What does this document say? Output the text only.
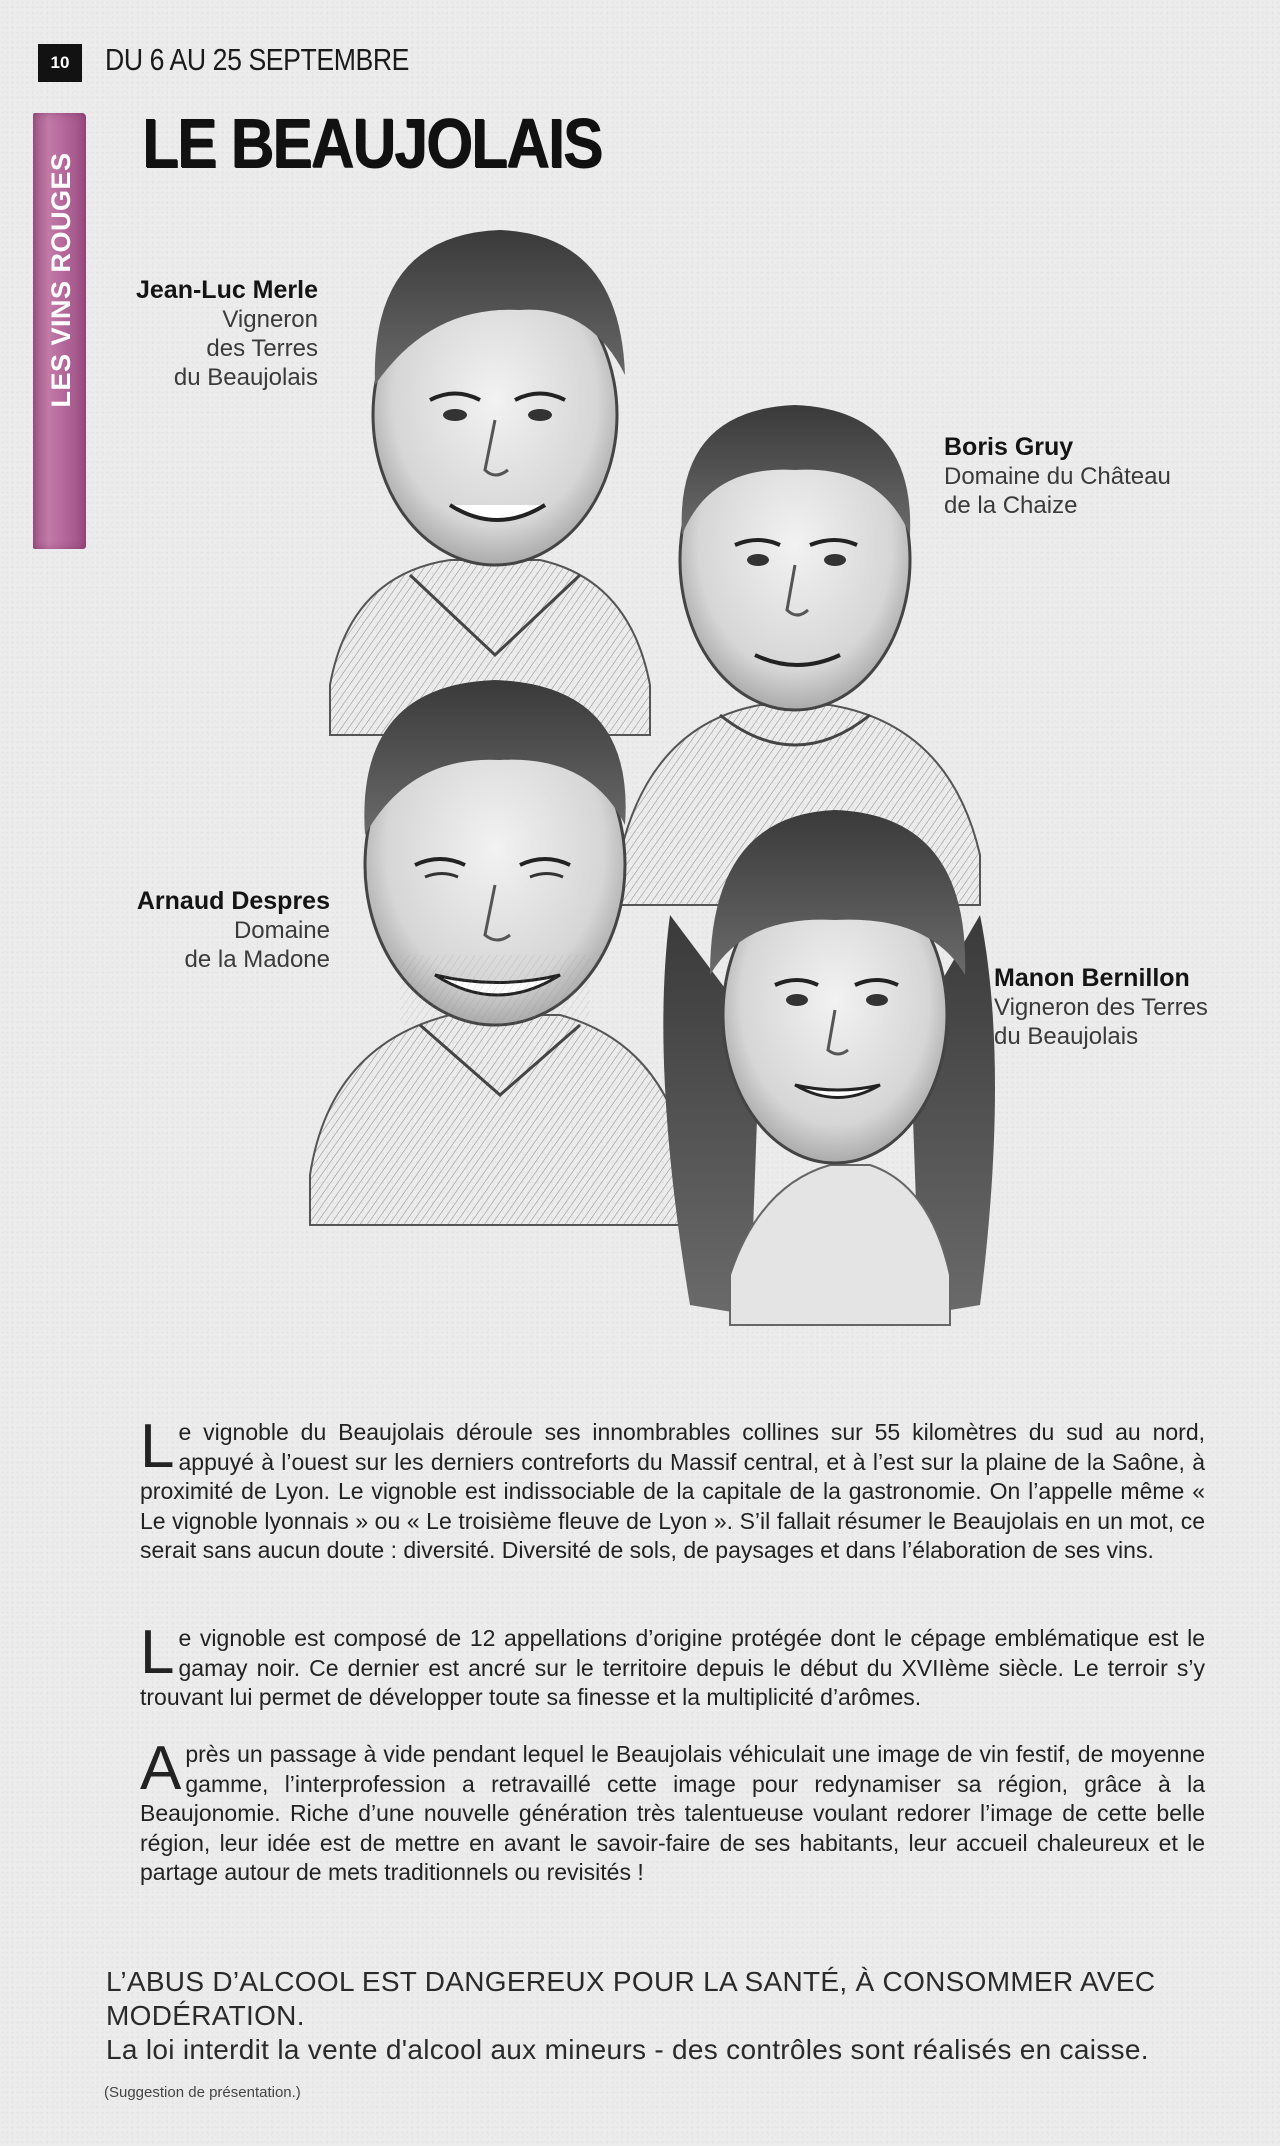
10	DU 6 AU 25 SEPTEMBRE
LES VINS ROUGES
LE BEAUJOLAIS
Jean-Luc Merle
Vigneron
des Terres
du Beaujolais
Boris Gruy
Domaine du Château
de la Chaize
Arnaud Despres
Domaine
de la Madone
Manon Bernillon
Vigneron des Terres
du Beaujolais

Le vignoble du Beaujolais déroule ses innombrables collines sur 55 kilomètres du sud au nord, appuyé à l’ouest sur les derniers contreforts du Massif central, et à l’est sur la plaine de la Saône, à proximité de Lyon. Le vignoble est indissociable de la capitale de la gastronomie. On l’appelle même « Le vignoble lyonnais » ou « Le troisième fleuve de Lyon ». S’il fallait résumer le Beaujolais en un mot, ce serait sans aucun doute : diversité. Diversité de sols, de paysages et dans l’élaboration de ses vins.

Le vignoble est composé de 12 appellations d’origine protégée dont le cépage emblématique est le gamay noir. Ce dernier est ancré sur le territoire depuis le début du XVIIème siècle. Le terroir s’y trouvant lui permet de développer toute sa finesse et la multiplicité d’arômes.

Après un passage à vide pendant lequel le Beaujolais véhiculait une image de vin festif, de moyenne gamme, l’interprofession a retravaillé cette image pour redynamiser sa région, grâce à la Beaujonomie. Riche d’une nouvelle génération très talentueuse voulant redorer l’image de cette belle région, leur idée est de mettre en avant le savoir-faire de ses habitants, leur accueil chaleureux et le partage autour de mets traditionnels ou revisités !

L’ABUS D’ALCOOL EST DANGEREUX POUR LA SANTÉ, À CONSOMMER AVEC MODÉRATION.
La loi interdit la vente d'alcool aux mineurs - des contrôles sont réalisés en caisse.
(Suggestion de présentation.)
